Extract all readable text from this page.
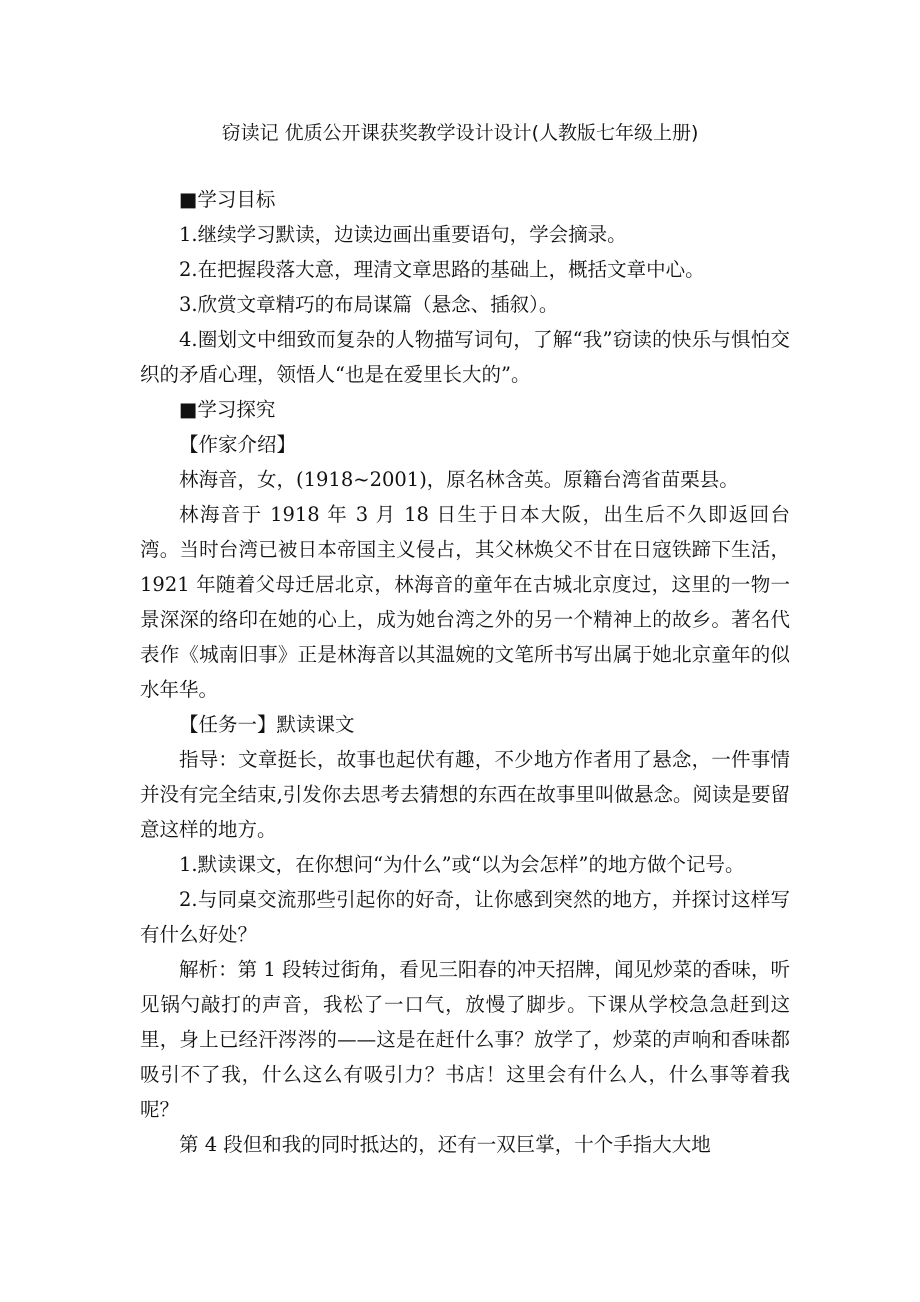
窃读记 优质公开课获奖教学设计设计(人教版七年级上册)

■学习目标

1.继续学习默读，边读边画出重要语句，学会摘录。

2.在把握段落大意，理清文章思路的基础上，概括文章中心。

3.欣赏文章精巧的布局谋篇（悬念、插叙）。

4.圈划文中细致而复杂的人物描写词句，了解“我”窃读的快乐与惧怕交织的矛盾心理，领悟人“也是在爱里长大的”。

■学习探究

【作家介绍】

林海音，女，(1918~2001)，原名林含英。原籍台湾省苗栗县。

林海音于 1918 年 3 月 18 日生于日本大阪，出生后不久即返回台湾。当时台湾已被日本帝国主义侵占，其父林焕父不甘在日寇铁蹄下生活，1921 年随着父母迁居北京，林海音的童年在古城北京度过，这里的一物一景深深的络印在她的心上，成为她台湾之外的另一个精神上的故乡。著名代表作《城南旧事》正是林海音以其温婉的文笔所书写出属于她北京童年的似水年华。

【任务一】默读课文

指导：文章挺长，故事也起伏有趣，不少地方作者用了悬念，一件事情并没有完全结束,引发你去思考去猜想的东西在故事里叫做悬念。阅读是要留意这样的地方。

1.默读课文，在你想问“为什么”或“以为会怎样”的地方做个记号。

2.与同桌交流那些引起你的好奇，让你感到突然的地方，并探讨这样写有什么好处？

解析：第 1 段转过街角，看见三阳春的冲天招牌，闻见炒菜的香味，听见锅勺敲打的声音，我松了一口气，放慢了脚步。下课从学校急急赶到这里，身上已经汗涔涔的——这是在赶什么事？放学了，炒菜的声响和香味都吸引不了我，什么这么有吸引力？书店！这里会有什么人，什么事等着我呢？

第 4 段但和我的同时抵达的，还有一双巨掌，十个手指大大地
